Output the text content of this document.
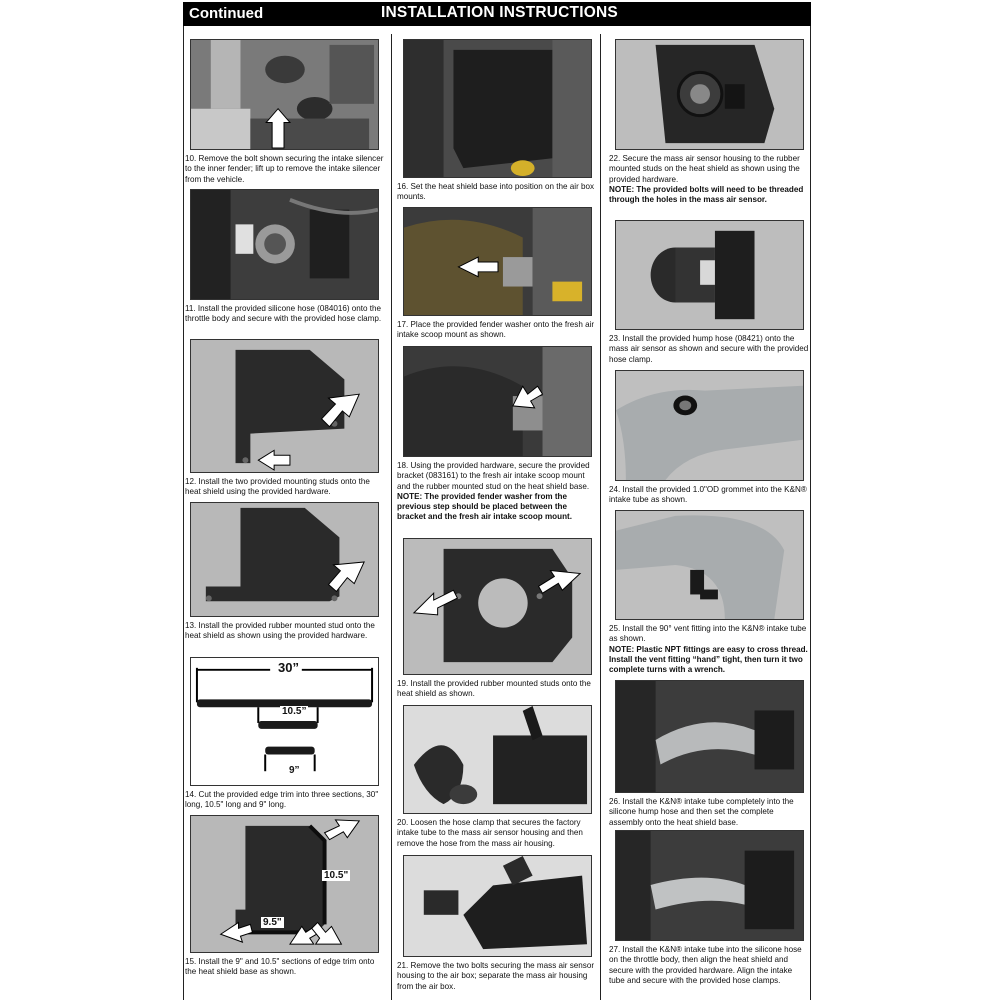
Continued	INSTALLATION INSTRUCTIONS

10. Remove the bolt shown securing the intake silencer to the inner fender; lift up to remove the intake silencer from the vehicle.

11. Install the provided silicone hose (084016) onto the throttle body and secure with the provided hose clamp.

12. Install the two provided mounting studs onto the heat shield using the provided hardware.

13. Install the provided rubber mounted stud onto the heat shield as shown using the provided hardware.

30”
10.5”
9”

14. Cut the provided edge trim into three sections, 30" long, 10.5" long and 9" long.

10.5"
9.5"

15. Install the 9" and 10.5" sections of edge trim onto the heat shield base as shown.

16. Set the heat shield base into position on the air box mounts.

17. Place the provided fender washer onto the fresh air intake scoop mount as shown.

18. Using the provided hardware, secure the provided bracket (083161) to the fresh air intake scoop mount and the rubber mounted stud on the heat shield base.

NOTE: The provided fender washer from the previous step should be placed between the bracket and the fresh air intake scoop mount.

19. Install the provided rubber mounted studs onto the heat shield as shown.

20. Loosen the hose clamp that secures the factory intake tube to the mass air sensor housing and then remove the hose from the mass air housing.

21. Remove the two bolts securing the mass air sensor housing to the air box; separate the mass air housing from the air box.

22. Secure the mass air sensor housing to the rubber mounted studs on the heat shield as shown using the provided hardware.

NOTE: The provided bolts will need to be threaded through the holes in the mass air sensor.

23. Install the provided hump hose (08421) onto the mass air sensor as shown and secure with the provided hose clamp.

24. Install the provided 1.0"OD grommet into the K&N® intake tube as shown.

25. Install the 90° vent fitting into the K&N® intake tube as shown.

NOTE: Plastic NPT fittings are easy to cross thread. Install the vent fitting “hand” tight, then turn it two complete turns with a wrench.

26. Install the K&N® intake tube completely into the silicone hump hose and then set the complete assembly onto the heat shield base.

27. Install the K&N® intake tube into the silicone hose on the throttle body, then align the heat shield and secure with the provided hardware. Align the intake tube and secure with the provided hose clamps.
